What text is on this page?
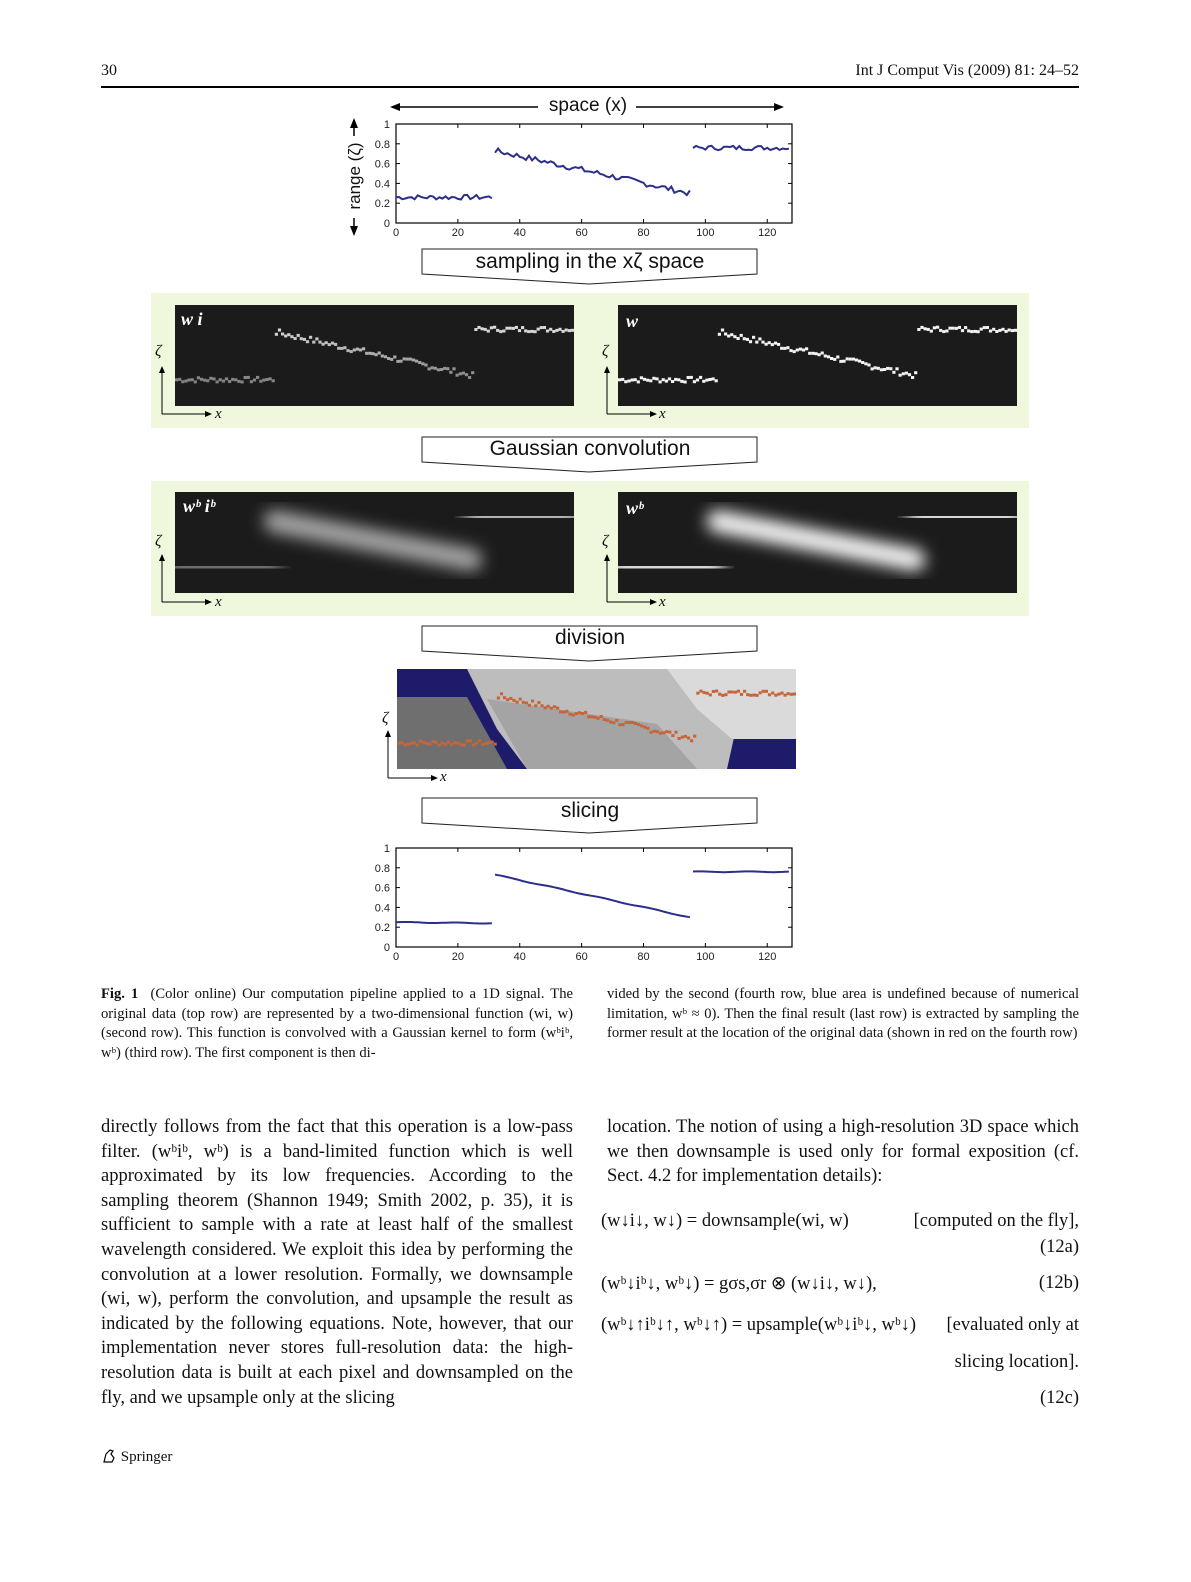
30	Int J Comput Vis (2009) 81: 24–52
space (x)
range (ζ)
0	20	40	60	80	100	120
0
0.2
0.4
0.6
0.8
1
sampling in the xζ space
w i	w
ζ
x
ζ
x
Gaussian convolution
wᵇ iᵇ	wᵇ
ζ
x
ζ
x
division
ζ
x
slicing
0	20	40	60	80	100	120
0
0.2
0.4
0.6
0.8
1
Fig. 1 (Color online) Our computation pipeline applied to a 1D signal. The original data (top row) are represented by a two-dimensional function (wi, w) (second row). This function is convolved with a Gaussian kernel to form (wᵇiᵇ, wᵇ) (third row). The first component is then di-
vided by the second (fourth row, blue area is undefined because of numerical limitation, wᵇ ≈ 0). Then the final result (last row) is extracted by sampling the former result at the location of the original data (shown in red on the fourth row)
directly follows from the fact that this operation is a low-pass filter. (wᵇiᵇ, wᵇ) is a band-limited function which is well approximated by its low frequencies. According to the sampling theorem (Shannon 1949; Smith 2002, p. 35), it is sufficient to sample with a rate at least half of the smallest wavelength considered. We exploit this idea by performing the convolution at a lower resolution. Formally, we downsample (wi, w), perform the convolution, and upsample the result as indicated by the following equations. Note, however, that our implementation never stores full-resolution data: the high-resolution data is built at each pixel and downsampled on the fly, and we upsample only at the slicing
location. The notion of using a high-resolution 3D space which we then downsample is used only for formal exposition (cf. Sect. 4.2 for implementation details):
(w↓i↓, w↓) = downsample(wi, w)	[computed on the fly],
(12a)
(wᵇ↓iᵇ↓, wᵇ↓) = gσs,σr ⊗ (w↓i↓, w↓),	(12b)
(wᵇ↓↑iᵇ↓↑, wᵇ↓↑) = upsample(wᵇ↓iᵇ↓, wᵇ↓) [evaluated only at
slicing location].
(12c)
Springer
